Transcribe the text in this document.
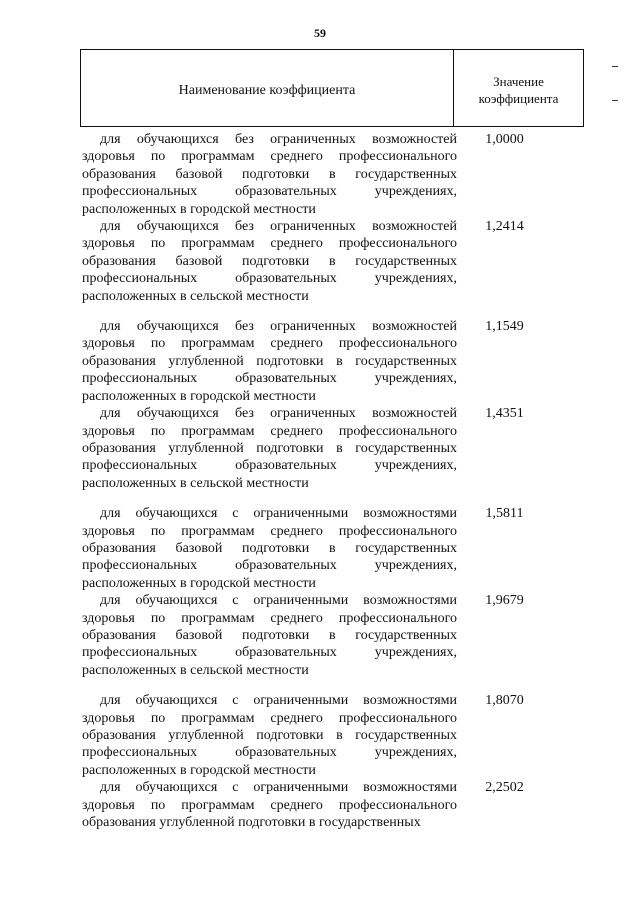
59
Наименование коэффициента
Значение
коэффициента

для обучающихся без ограниченных возможностей здоровья по программам среднего профессионального образования базовой подготовки в государственных профессиональных образовательных учреждениях, расположенных в городской местности

1,0000

для обучающихся без ограниченных возможностей здоровья по программам среднего профессионального образования базовой подготовки в государственных профессиональных образовательных учреждениях, расположенных в сельской местности

1,2414

для обучающихся без ограниченных возможностей здоровья по программам среднего профессионального образования углубленной подготовки в государственных профессиональных образовательных учреждениях, расположенных в городской местности

1,1549

для обучающихся без ограниченных возможностей здоровья по программам среднего профессионального образования углубленной подготовки в государственных профессиональных образовательных учреждениях, расположенных в сельской местности

1,4351

для обучающихся с ограниченными возможностями здоровья по программам среднего профессионального образования базовой подготовки в государственных профессиональных образовательных учреждениях, расположенных в городской местности

1,5811

для обучающихся с ограниченными возможностями здоровья по программам среднего профессионального образования базовой подготовки в государственных профессиональных образовательных учреждениях, расположенных в сельской местности

1,9679

для обучающихся с ограниченными возможностями здоровья по программам среднего профессионального образования углубленной подготовки в государственных профессиональных образовательных учреждениях, расположенных в городской местности

1,8070

для обучающихся с ограниченными возможностями здоровья по программам среднего профессионального образования углубленной подготовки в государственных

2,2502
